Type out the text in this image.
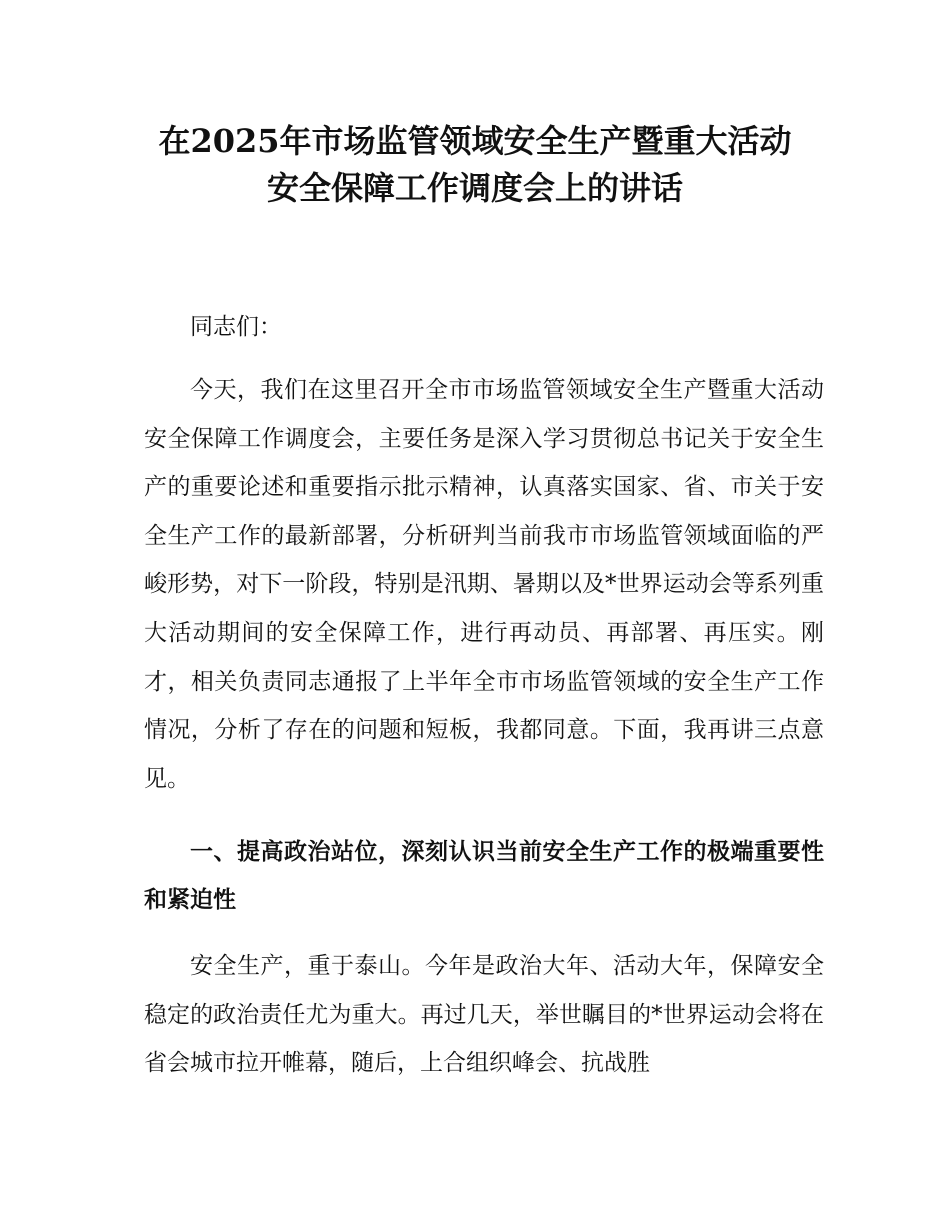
在2025年市场监管领域安全生产暨重大活动
安全保障工作调度会上的讲话
同志们：
今天，我们在这里召开全市市场监管领域安全生产暨重大活动安全保障工作调度会，主要任务是深入学习贯彻总书记关于安全生产的重要论述和重要指示批示精神，认真落实国家、省、市关于安全生产工作的最新部署，分析研判当前我市市场监管领域面临的严峻形势，对下一阶段，特别是汛期、暑期以及*世界运动会等系列重大活动期间的安全保障工作，进行再动员、再部署、再压实。刚才，相关负责同志通报了上半年全市市场监管领域的安全生产工作情况，分析了存在的问题和短板，我都同意。下面，我再讲三点意见。
一、提高政治站位，深刻认识当前安全生产工作的极端重要性和紧迫性
安全生产，重于泰山。今年是政治大年、活动大年，保障安全稳定的政治责任尤为重大。再过几天，举世瞩目的*世界运动会将在省会城市拉开帷幕，随后，上合组织峰会、抗战胜
